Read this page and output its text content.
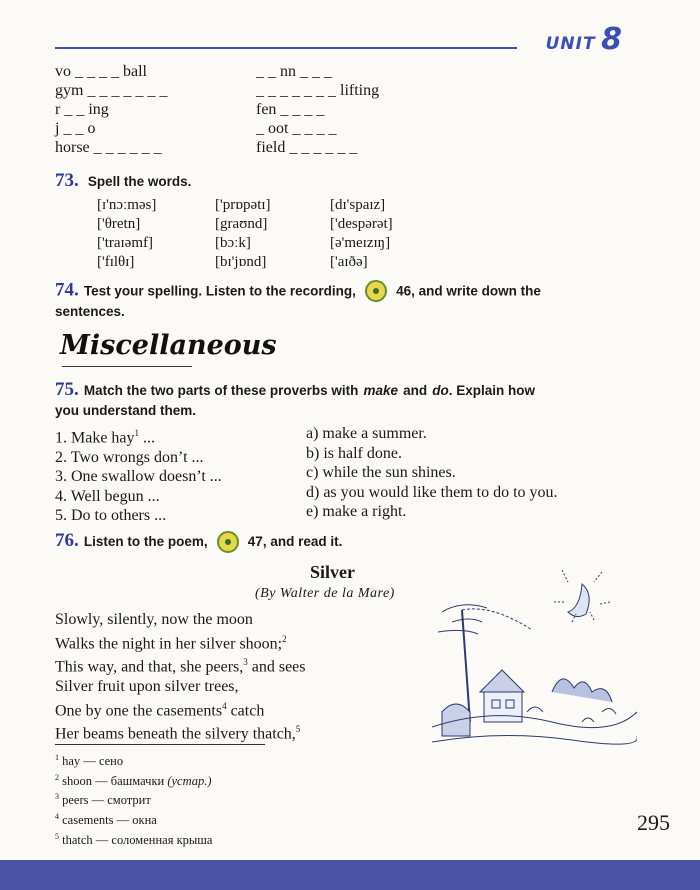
UNIT 8
vo _ _ _ _ ball
gym _ _ _ _ _ _ _
r _ _ ing
j _ _ o
horse _ _ _ _ _ _
_ _ nn _ _ _
_ _ _ _ _ _ _ lifting
fen _ _ _ _
_ oot _ _ _ _
field _ _ _ _ _ _
73. Spell the words.
[ɪ'nɔːməs]
['θretn]
['traɪəmf]
['fɪlθɪ]
['prɒpətɪ]
[graʊnd]
[bɔːk]
[bɪ'jɒnd]
[dɪ'spaɪz]
['despərət]
[ə'meɪzɪŋ]
['aɪðə]
74. Test your spelling. Listen to the recording,	46, and write down the
sentences.
Miscellaneous
75. Match the two parts of these proverbs with make and do. Explain how
you understand them.
1. Make hay$^1$ ...
2. Two wrongs don’t ...
3. One swallow doesn’t ...
4. Well begun ...
5. Do to others ...
a) make a summer.
b) is half done.
c) while the sun shines.
d) as you would like them to do to you.
e) make a right.
76. Listen to the poem,	47, and read it.
Silver
(By Walter de la Mare)
Slowly, silently, now the moon
Walks the night in her silver shoon;$^2$
This way, and that, she peers,$^3$ and sees
Silver fruit upon silver trees,
One by one the casements$^4$ catch
Her beams beneath the silvery thatch,$^5$
$^1$ hay — сено
$^2$ shoon — башмачки (устар.)
$^3$ peers — смотрит
$^4$ casements — окна
$^5$ thatch — соломенная крыша
295
